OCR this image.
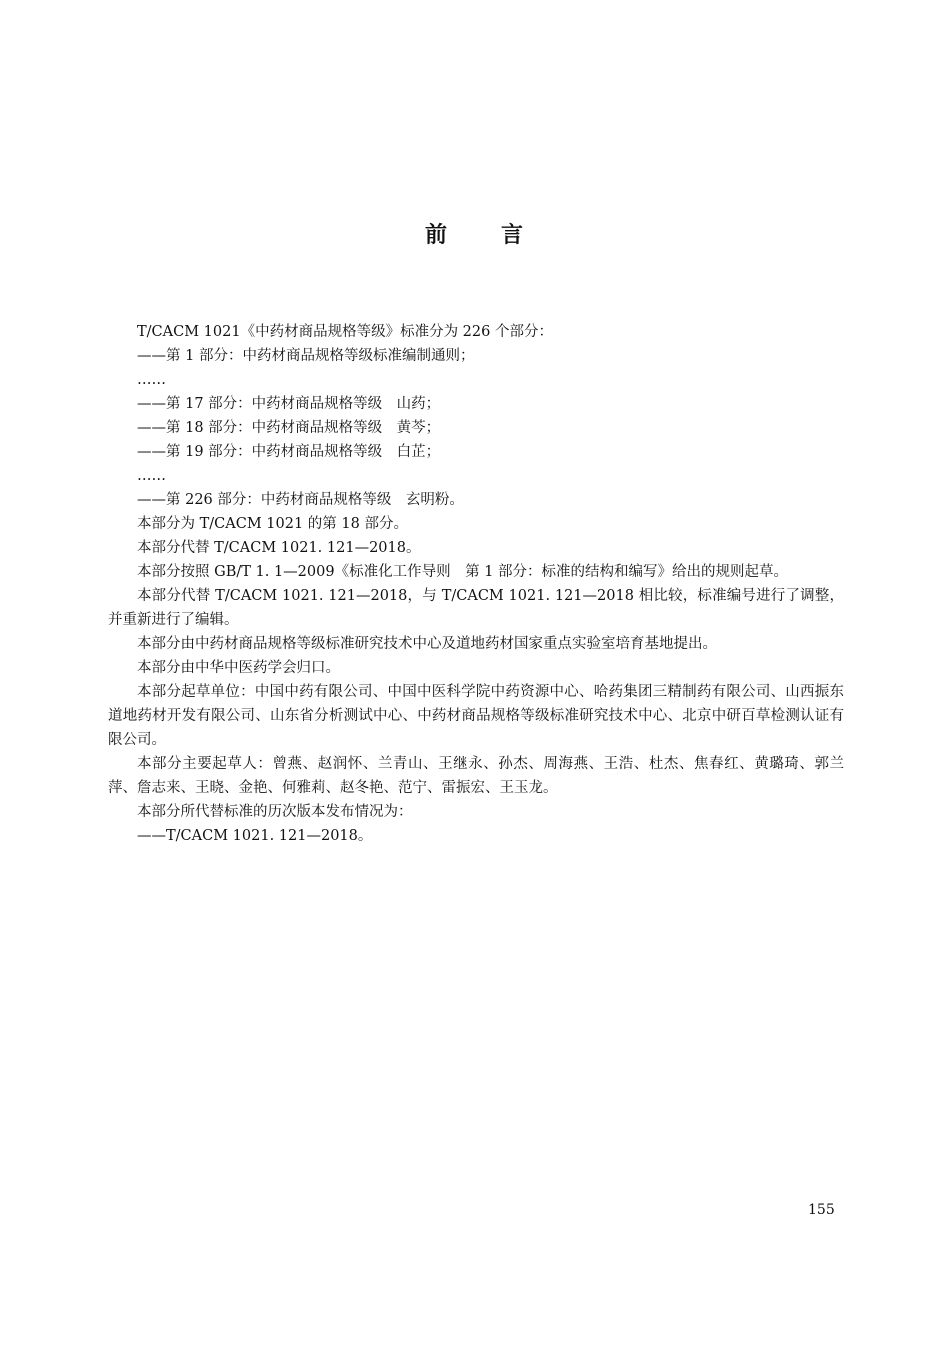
前 言

T/CACM 1021《中药材商品规格等级》标准分为 226 个部分：

——第 1 部分：中药材商品规格等级标准编制通则；

……

——第 17 部分：中药材商品规格等级　山药；

——第 18 部分：中药材商品规格等级　黄芩；

——第 19 部分：中药材商品规格等级　白芷；

……

——第 226 部分：中药材商品规格等级　玄明粉。

本部分为 T/CACM 1021 的第 18 部分。

本部分代替 T/CACM 1021. 121—2018。

本部分按照 GB/T 1. 1—2009《标准化工作导则　第 1 部分：标准的结构和编写》给出的规则起草。

本部分代替 T/CACM 1021. 121—2018，与 T/CACM 1021. 121—2018 相比较，标准编号进行了调整，并重新进行了编辑。

本部分由中药材商品规格等级标准研究技术中心及道地药材国家重点实验室培育基地提出。

本部分由中华中医药学会归口。

本部分起草单位：中国中药有限公司、中国中医科学院中药资源中心、哈药集团三精制药有限公司、山西振东道地药材开发有限公司、山东省分析测试中心、中药材商品规格等级标准研究技术中心、北京中研百草检测认证有限公司。

本部分主要起草人：曾燕、赵润怀、兰青山、王继永、孙杰、周海燕、王浩、杜杰、焦春红、黄璐琦、郭兰萍、詹志来、王晓、金艳、何雅莉、赵冬艳、范宁、雷振宏、王玉龙。

本部分所代替标准的历次版本发布情况为：

——T/CACM 1021. 121—2018。

155
